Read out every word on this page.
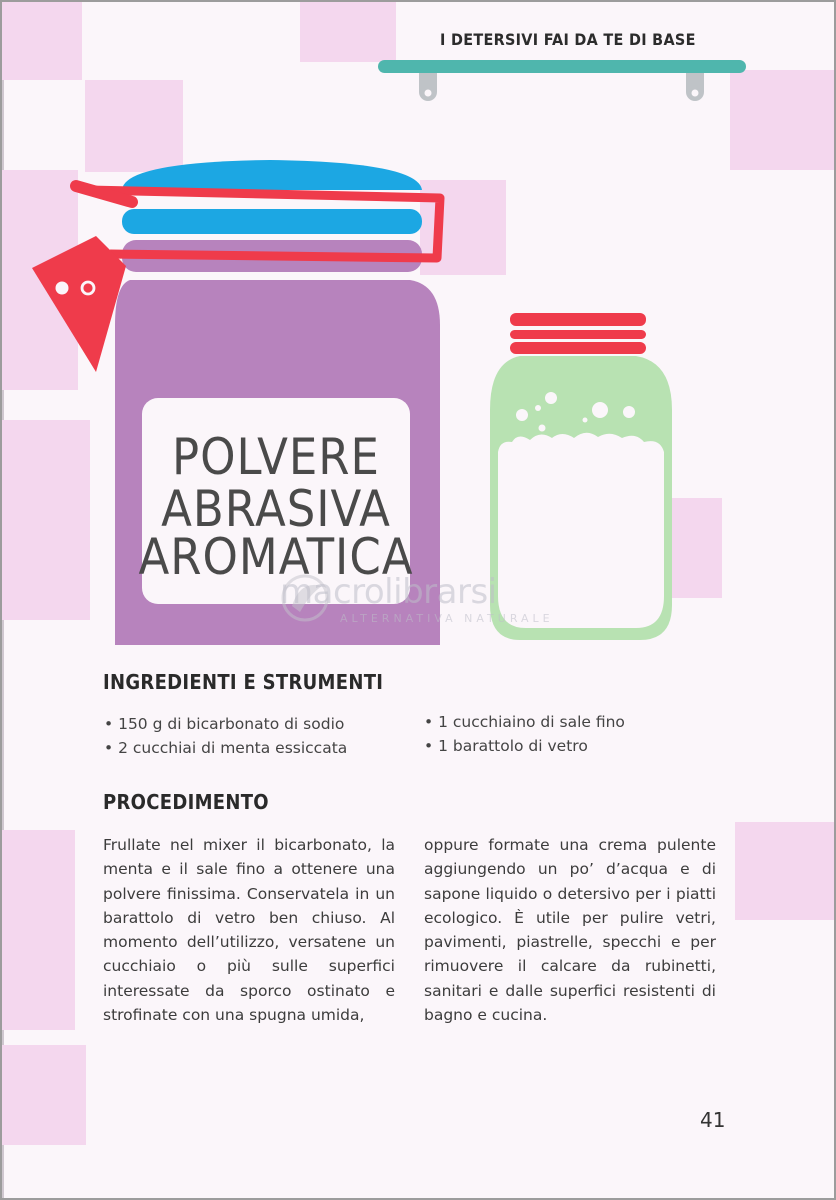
I DETERSIVI FAI DA TE DI BASE
POLVERE
ABRASIVA
AROMATICA
macrolibrarsi
ALTERNATIVA NATURALE
INGREDIENTI E STRUMENTI
• 150 g di bicarbonato di sodio
• 2 cucchiai di menta essiccata
• 1 cucchiaino di sale fino
• 1 barattolo di vetro
PROCEDIMENTO

Frullate nel mixer il bicarbonato, la menta e il sale fino a ottenere una polvere finissima. Conservatela in un barattolo di vetro ben chiuso. Al momento dell’utilizzo, versatene un cucchiaio o più sulle superfici interessate da sporco ostinato e strofinate con una spugna umida,

oppure formate una crema pulente aggiungendo un po’ d’acqua e di sapone liquido o detersivo per i piatti ecologico. È utile per pulire vetri, pavimenti, piastrelle, specchi e per rimuovere il calcare da rubinetti, sanitari e dalle superfici resistenti di bagno e cucina.

41
